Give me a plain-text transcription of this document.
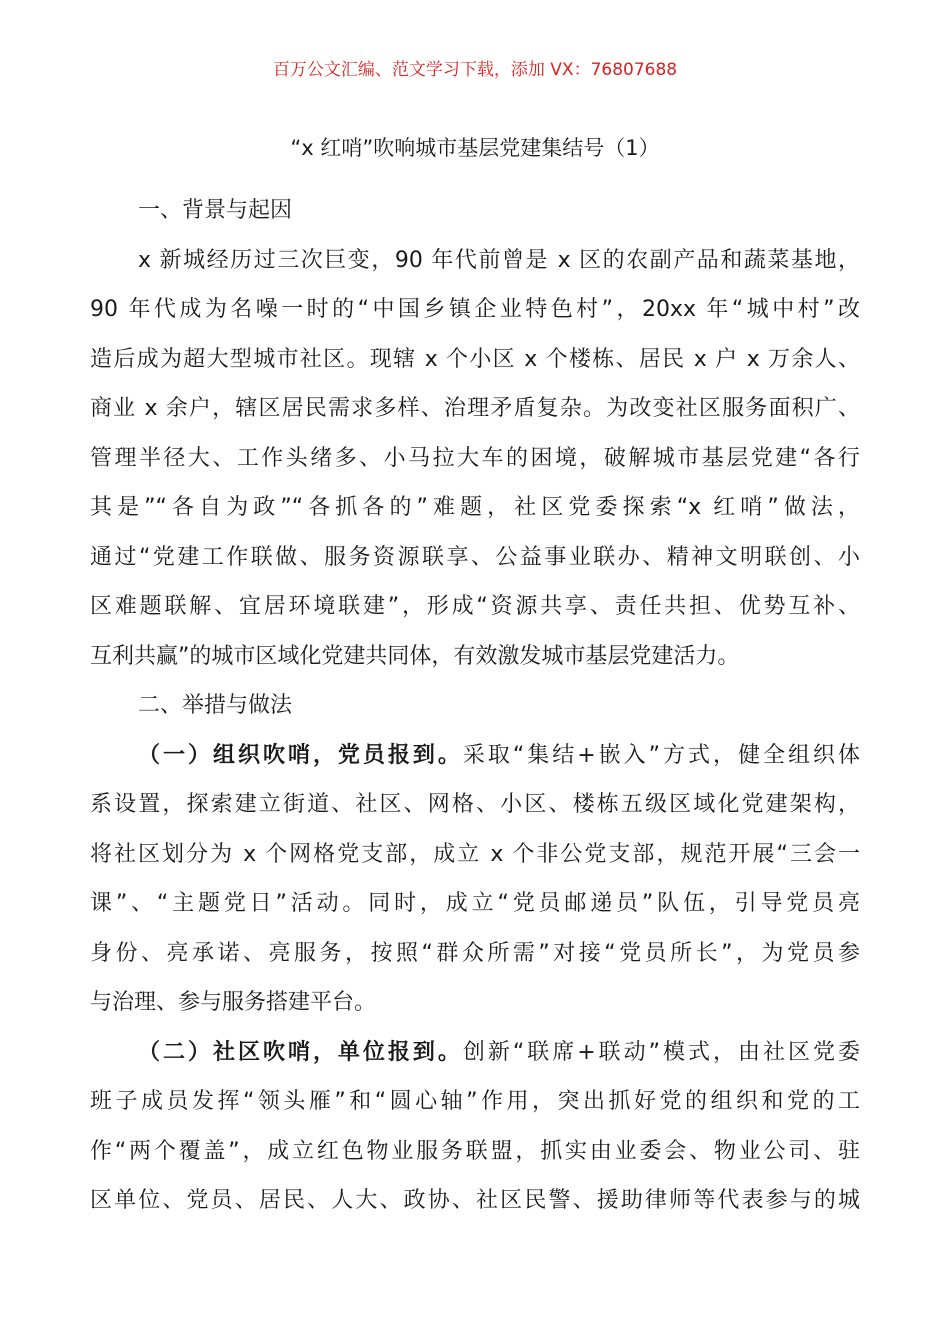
百万公文汇编、范文学习下载，添加 VX：76807688
“x 红哨”吹响城市基层党建集结号（1）
一、背景与起因
x 新城经历过三次巨变，90 年代前曾是 x 区的农副产品和蔬菜基地，
90 年代成为名噪一时的“中国乡镇企业特色村”，20xx 年“城中村”改
造后成为超大型城市社区。现辖 x 个小区 x 个楼栋、居民 x 户 x 万余人、
商业 x 余户，辖区居民需求多样、治理矛盾复杂。为改变社区服务面积广、
管理半径大、工作头绪多、小马拉大车的困境，破解城市基层党建“各行
其是”“各自为政”“各抓各的”难题，社区党委探索“x 红哨”做法，
通过“党建工作联做、服务资源联享、公益事业联办、精神文明联创、小
区难题联解、宜居环境联建”，形成“资源共享、责任共担、优势互补、
互利共赢”的城市区域化党建共同体，有效激发城市基层党建活力。
二、举措与做法
（一）组织吹哨，党员报到。采取“集结+嵌入”方式，健全组织体
系设置，探索建立街道、社区、网格、小区、楼栋五级区域化党建架构，
将社区划分为 x 个网格党支部，成立 x 个非公党支部，规范开展“三会一
课”、“主题党日”活动。同时，成立“党员邮递员”队伍，引导党员亮
身份、亮承诺、亮服务，按照“群众所需”对接“党员所长”，为党员参
与治理、参与服务搭建平台。
（二）社区吹哨，单位报到。创新“联席+联动”模式，由社区党委
班子成员发挥“领头雁”和“圆心轴”作用，突出抓好党的组织和党的工
作“两个覆盖”，成立红色物业服务联盟，抓实由业委会、物业公司、驻
区单位、党员、居民、人大、政协、社区民警、援助律师等代表参与的城
